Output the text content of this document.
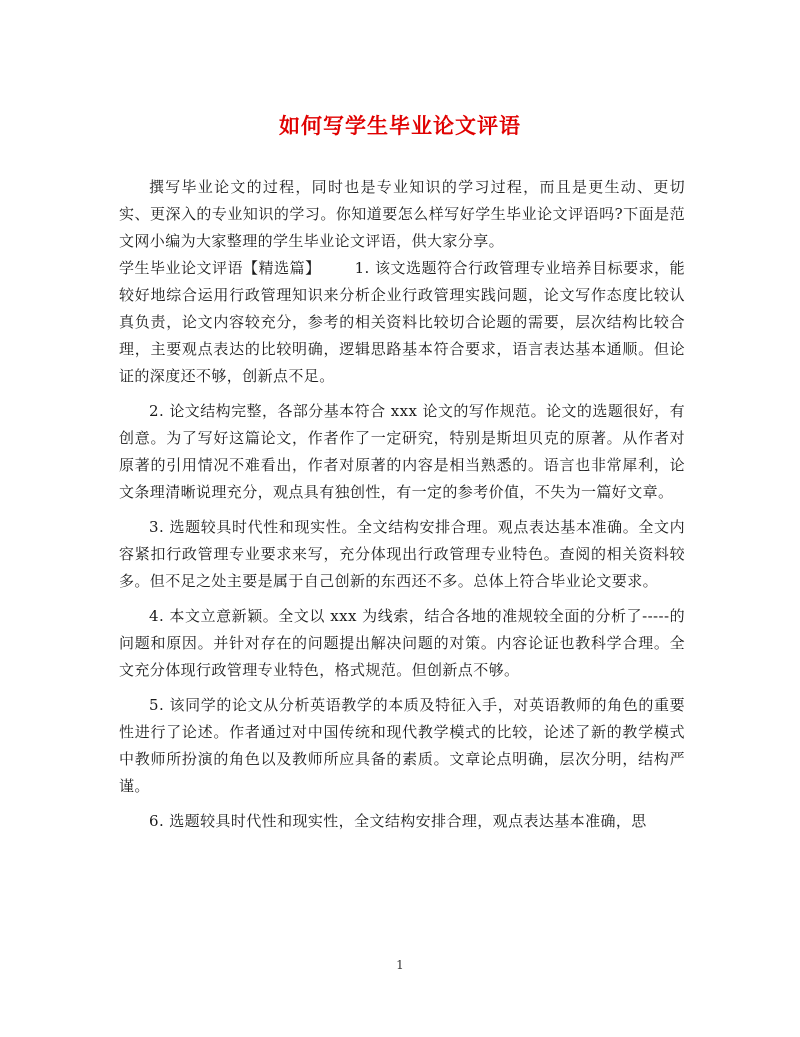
如何写学生毕业论文评语

撰写毕业论文的过程，同时也是专业知识的学习过程，而且是更生动、更切实、更深入的专业知识的学习。你知道要怎么样写好学生毕业论文评语吗?下面是范文网小编为大家整理的学生毕业论文评语，供大家分享。

学生毕业论文评语【精选篇】 1. 该文选题符合行政管理专业培养目标要求，能较好地综合运用行政管理知识来分析企业行政管理实践问题，论文写作态度比较认真负责，论文内容较充分，参考的相关资料比较切合论题的需要，层次结构比较合理，主要观点表达的比较明确，逻辑思路基本符合要求，语言表达基本通顺。但论证的深度还不够，创新点不足。

2. 论文结构完整，各部分基本符合 xxx 论文的写作规范。论文的选题很好，有创意。为了写好这篇论文，作者作了一定研究，特别是斯坦贝克的原著。从作者对原著的引用情况不难看出，作者对原著的内容是相当熟悉的。语言也非常犀利，论文条理清晰说理充分，观点具有独创性，有一定的参考价值，不失为一篇好文章。

3. 选题较具时代性和现实性。全文结构安排合理。观点表达基本准确。全文内容紧扣行政管理专业要求来写，充分体现出行政管理专业特色。查阅的相关资料较多。但不足之处主要是属于自己创新的东西还不多。总体上符合毕业论文要求。

4. 本文立意新颖。全文以 xxx 为线索，结合各地的准规较全面的分析了-----的问题和原因。并针对存在的问题提出解决问题的对策。内容论证也教科学合理。全文充分体现行政管理专业特色，格式规范。但创新点不够。

5. 该同学的论文从分析英语教学的本质及特征入手，对英语教师的角色的重要性进行了论述。作者通过对中国传统和现代教学模式的比较，论述了新的教学模式中教师所扮演的角色以及教师所应具备的素质。文章论点明确，层次分明，结构严谨。

6. 选题较具时代性和现实性，全文结构安排合理，观点表达基本准确，思

1
